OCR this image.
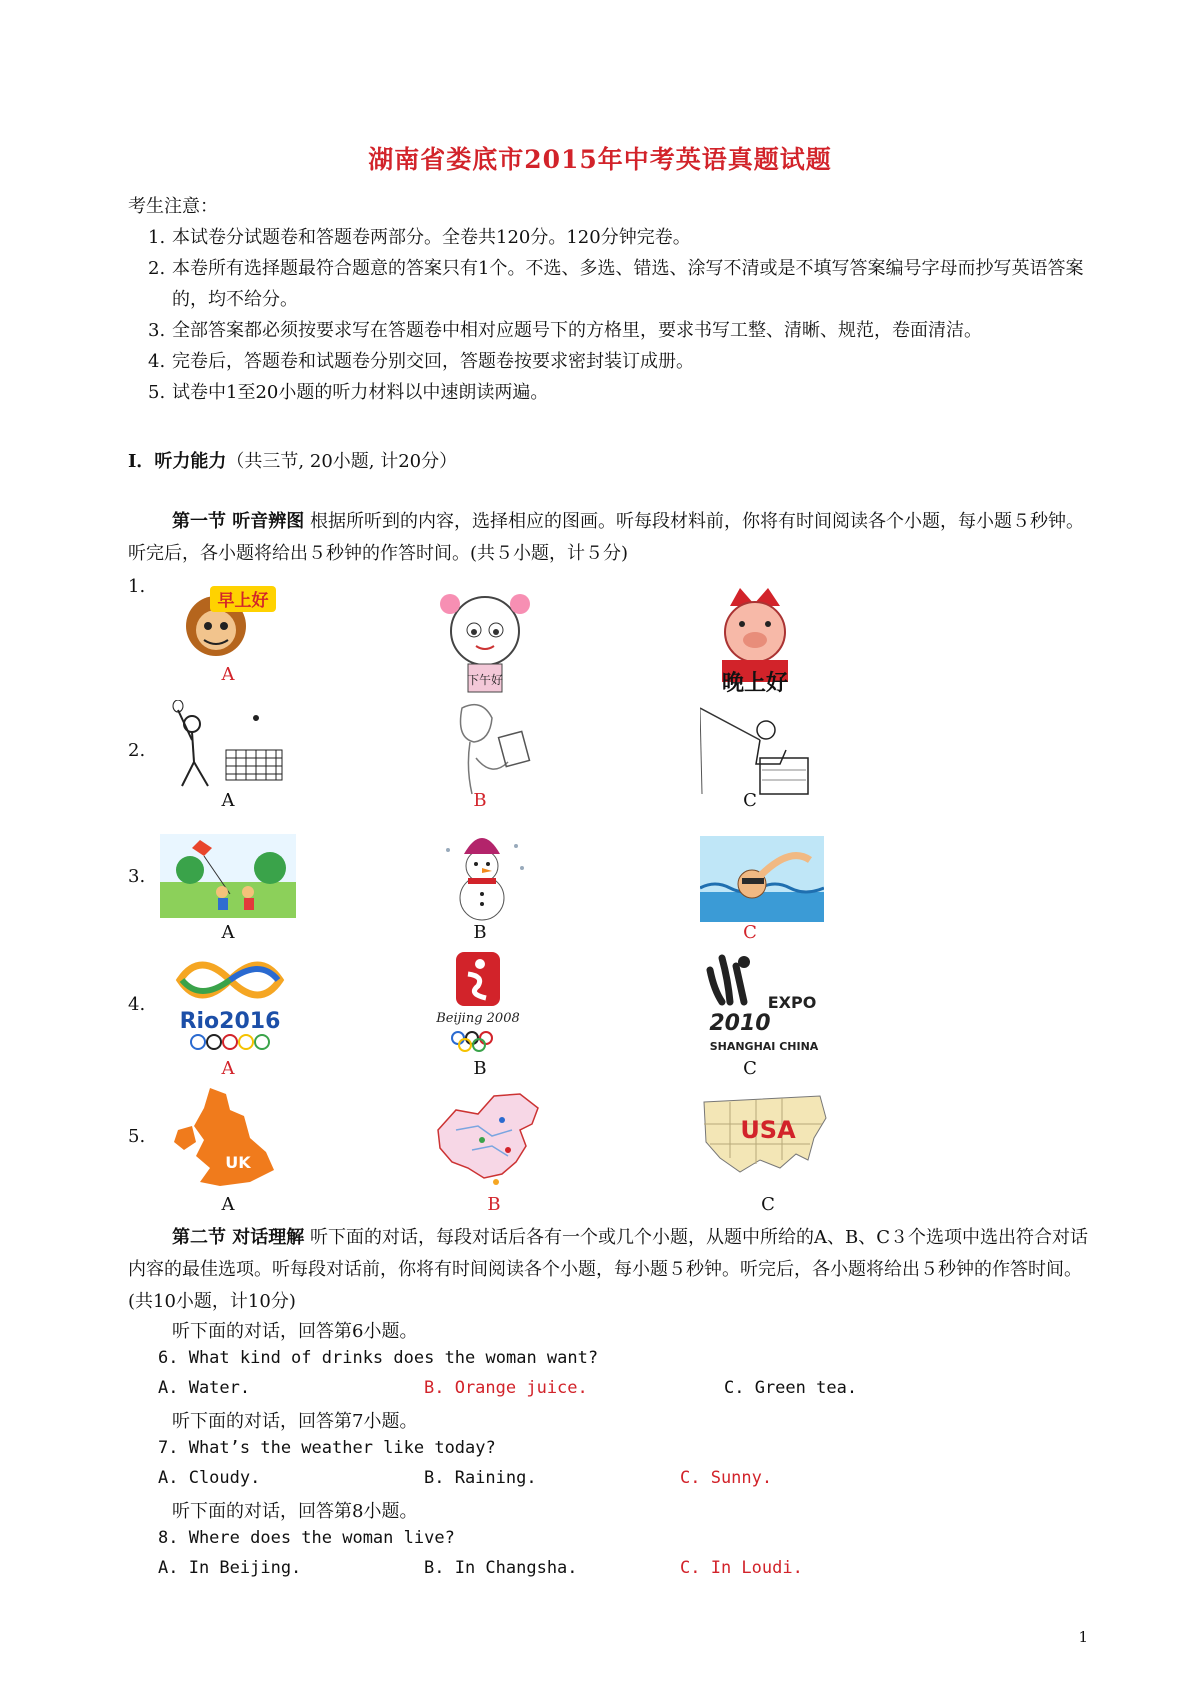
湖南省娄底市2015年中考英语真题试题
考生注意：
1. 本试卷分试题卷和答题卷两部分。全卷共120分。120分钟完卷。
2. 本卷所有选择题最符合题意的答案只有1个。不选、多选、错选、涂写不清或是不填写答案编号字母而抄写英语答案的，均不给分。
3. 全部答案都必须按要求写在答题卷中相对应题号下的方格里，要求书写工整、清晰、规范，卷面清洁。
4. 完卷后，答题卷和试题卷分别交回，答题卷按要求密封装订成册。
5. 试卷中1至20小题的听力材料以中速朗读两遍。
I．听力能力（共三节, 20小题, 计20分）
第一节 听音辨图 根据所听到的内容，选择相应的图画。听每段材料前，你将有时间阅读各个小题，每小题５秒钟。听完后，各小题将给出５秒钟的作答时间。(共５小题，计５分)
1.
早上好
下午好	晚上好
A
2.
A	B	C
3.
A	B	C
4.
Rio2016	Beijing 2008
EXPO
2010
SHANGHAI CHINA
A	B	C
5.
UK
USA
A	B	C
第二节 对话理解 听下面的对话，每段对话后各有一个或几个小题，从题中所给的A、B、C３个选项中选出符合对话内容的最佳选项。听每段对话前，你将有时间阅读各个小题，每小题５秒钟。听完后，各小题将给出５秒钟的作答时间。(共10小题，计10分)
听下面的对话，回答第6小题。
6. What kind of drinks does the woman want?
A. Water.	B. Orange juice.	C. Green tea.
听下面的对话，回答第7小题。
7. What’s the weather like today?
A. Cloudy.	B. Raining.	C. Sunny.
听下面的对话，回答第8小题。
8. Where does the woman live?
A. In Beijing.	B. In Changsha.	C. In Loudi.
1
